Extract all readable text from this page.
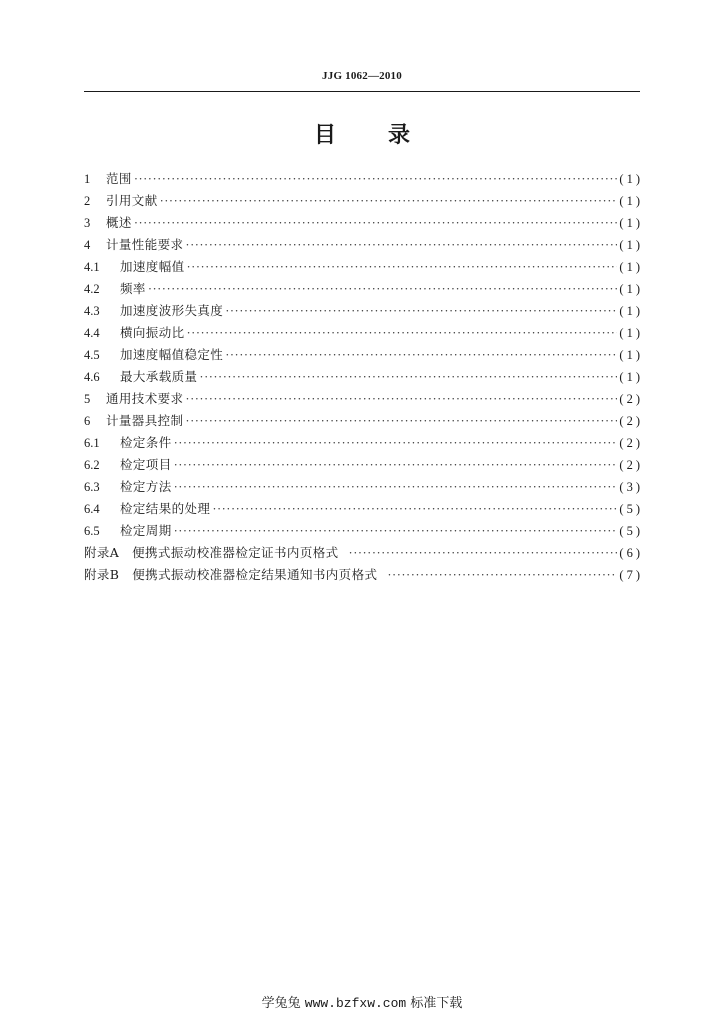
JJG 1062—2010
目录
1	范围 ·····	(1)
2	引用文献 ·····	(1)
3	概述 ·····	(1)
4	计量性能要求 ·····	(1)
4.1	加速度幅值 ·····	(1)
4.2	频率 ·····	(1)
4.3	加速度波形失真度 ·····	(1)
4.4	横向振动比 ·····	(1)
4.5	加速度幅值稳定性 ·····	(1)
4.6	最大承载质量 ·····	(1)
5	通用技术要求 ·····	(2)
6	计量器具控制 ·····	(2)
6.1	检定条件 ·····	(2)
6.2	检定项目 ·····	(2)
6.3	检定方法 ·····	(3)
6.4	检定结果的处理 ·····	(5)
6.5	检定周期 ·····	(5)
附录A　便携式振动校准器检定证书内页格式 ·····	(6)
附录B　便携式振动校准器检定结果通知书内页格式 ·····	(7)
学兔兔 www.bzfxw.com 标准下载
